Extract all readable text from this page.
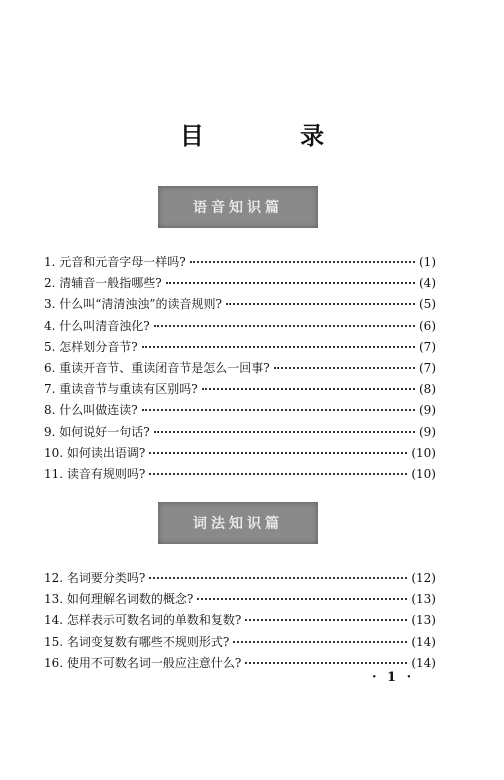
目 录
语音知识篇
1. 元音和元音字母一样吗?	(1)
2. 清辅音一般指哪些?	(4)
3. 什么叫“清清浊浊”的读音规则?	(5)
4. 什么叫清音浊化?	(6)
5. 怎样划分音节?	(7)
6. 重读开音节、重读闭音节是怎么一回事?	(7)
7. 重读音节与重读有区别吗?	(8)
8. 什么叫做连读?	(9)
9. 如何说好一句话?	(9)
10. 如何读出语调?	(10)
11. 读音有规则吗?	(10)
词法知识篇
12. 名词要分类吗?	(12)
13. 如何理解名词数的概念?	(13)
14. 怎样表示可数名词的单数和复数?	(13)
15. 名词变复数有哪些不规则形式?	(14)
16. 使用不可数名词一般应注意什么?	(14)
· 1 ·
